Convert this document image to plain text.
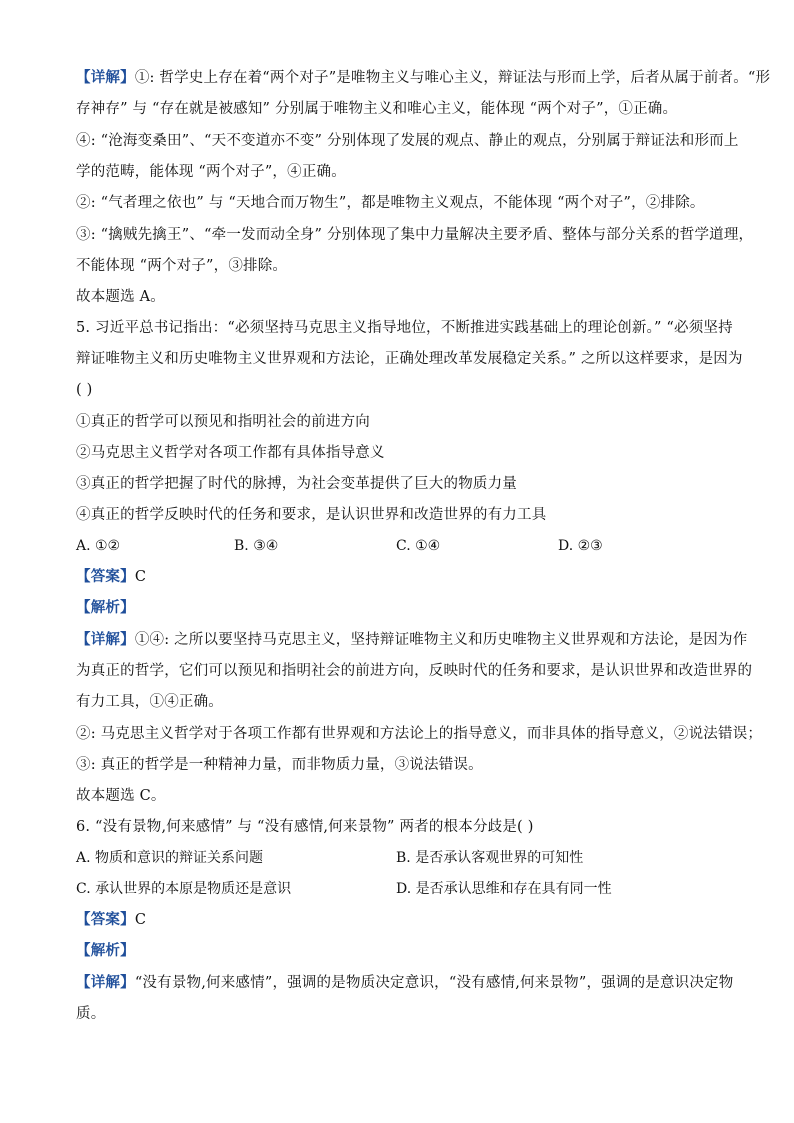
【详解】①: 哲学史上存在着“两个对子”是唯物主义与唯心主义，辩证法与形而上学，后者从属于前者。“形
存神存” 与 “存在就是被感知” 分别属于唯物主义和唯心主义，能体现 “两个对子”，①正确。
④: “沧海变桑田”、“天不变道亦不变” 分别体现了发展的观点、静止的观点，分别属于辩证法和形而上
学的范畴，能体现 “两个对子”，④正确。
②: “气者理之依也” 与 “天地合而万物生”，都是唯物主义观点，不能体现 “两个对子”，②排除。
③: “擒贼先擒王”、“牵一发而动全身” 分别体现了集中力量解决主要矛盾、整体与部分关系的哲学道理，
不能体现 “两个对子”，③排除。
故本题选 A。
5. 习近平总书记指出：“必须坚持马克思主义指导地位，不断推进实践基础上的理论创新。” “必须坚持
辩证唯物主义和历史唯物主义世界观和方法论，正确处理改革发展稳定关系。” 之所以这样要求，是因为
( )
①真正的哲学可以预见和指明社会的前进方向
②马克思主义哲学对各项工作都有具体指导意义
③真正的哲学把握了时代的脉搏，为社会变革提供了巨大的物质力量
④真正的哲学反映时代的任务和要求，是认识世界和改造世界的有力工具
A. ①②	B. ③④	C. ①④	D. ②③
【答案】C
【解析】
【详解】①④: 之所以要坚持马克思主义，坚持辩证唯物主义和历史唯物主义世界观和方法论，是因为作
为真正的哲学，它们可以预见和指明社会的前进方向，反映时代的任务和要求，是认识世界和改造世界的
有力工具，①④正确。
②: 马克思主义哲学对于各项工作都有世界观和方法论上的指导意义，而非具体的指导意义，②说法错误；
③: 真正的哲学是一种精神力量，而非物质力量，③说法错误。
故本题选 C。
6. “没有景物,何来感情” 与 “没有感情,何来景物” 两者的根本分歧是( )
A. 物质和意识的辩证关系问题	B. 是否承认客观世界的可知性
C. 承认世界的本原是物质还是意识	D. 是否承认思维和存在具有同一性
【答案】C
【解析】
【详解】“没有景物,何来感情”，强调的是物质决定意识，“没有感情,何来景物”，强调的是意识决定物
质。
